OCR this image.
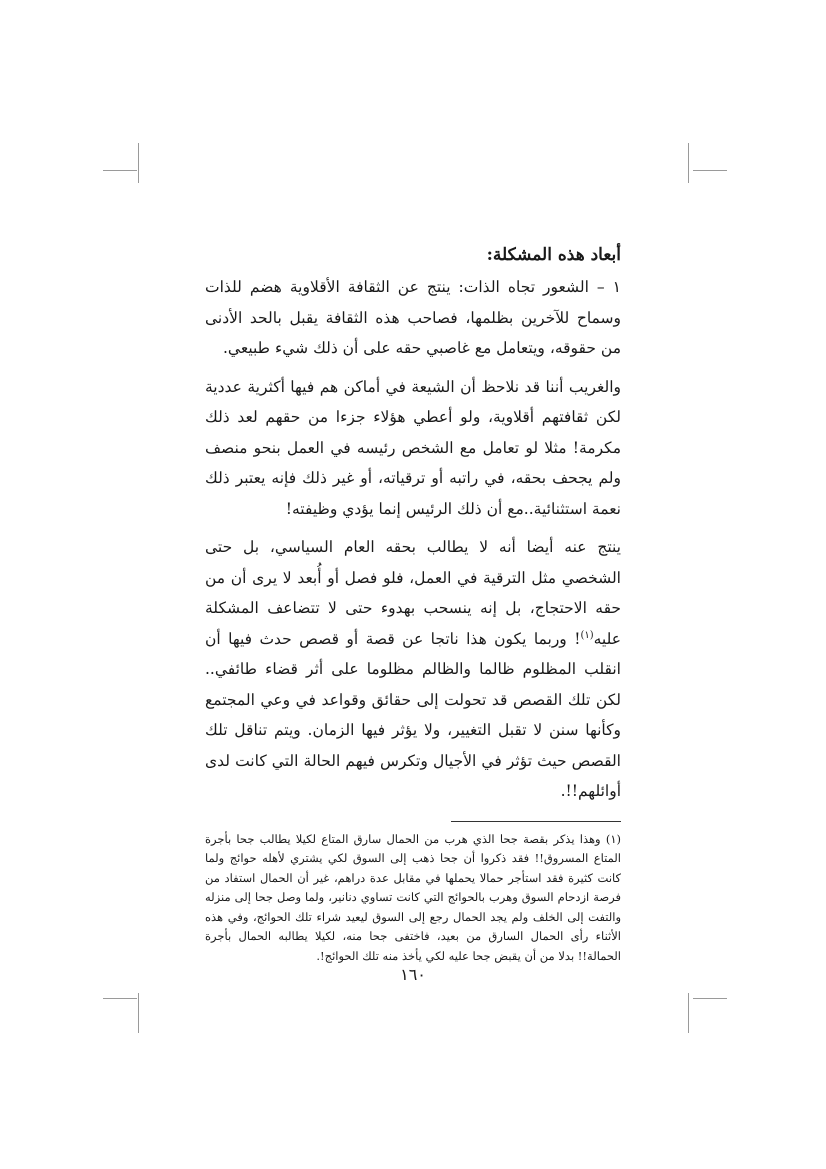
أبعاد هذه المشكلة:

١ – الشعور تجاه الذات: ينتج عن الثقافة الأقلاوية هضم للذات وسماح للآخرين بظلمها، فصاحب هذه الثقافة يقبل بالحد الأدنى من حقوقه، ويتعامل مع غاصبي حقه على أن ذلك شيء طبيعي.

والغريب أننا قد نلاحظ أن الشيعة في أماكن هم فيها أكثرية عددية لكن ثقافتهم أقلاوية، ولو أعطي هؤلاء جزءا من حقهم لعد ذلك مكرمة! مثلا لو تعامل مع الشخص رئيسه في العمل بنحو منصف ولم يجحف بحقه، في راتبه أو ترقياته، أو غير ذلك فإنه يعتبر ذلك نعمة استثنائية..مع أن ذلك الرئيس إنما يؤدي وظيفته!

ينتج عنه أيضا أنه لا يطالب بحقه العام السياسي، بل حتى الشخصي مثل الترقية في العمل، فلو فصل أو أُبعد لا يرى أن من حقه الاحتجاج، بل إنه ينسحب بهدوء حتى لا تتضاعف المشكلة عليه$^{(١)}$! وربما يكون هذا ناتجا عن قصة أو قصص حدث فيها أن انقلب المظلوم ظالما والظالم مظلوما على أثر قضاء طائفي.. لكن تلك القصص قد تحولت إلى حقائق وقواعد في وعي المجتمع وكأنها سنن لا تقبل التغيير، ولا يؤثر فيها الزمان. ويتم تناقل تلك القصص حيث تؤثر في الأجيال وتكرس فيهم الحالة التي كانت لدى أوائلهم!!.

(١) وهذا يذكر بقصة جحا الذي هرب من الحمال سارق المتاع لكيلا يطالب جحا بأجرة المتاع المسروق!! فقد ذكروا أن جحا ذهب إلى السوق لكي يشتري لأهله حوائج ولما كانت كثيرة فقد استأجر حمالا يحملها في مقابل عدة دراهم، غير أن الحمال استفاد من فرصة ازدحام السوق وهرب بالحوائج التي كانت تساوي دنانير، ولما وصل جحا إلى منزله والتفت إلى الخلف ولم يجد الحمال رجع إلى السوق ليعيد شراء تلك الحوائج، وفي هذه الأثناء رأى الحمال السارق من بعيد، فاختفى جحا منه، لكيلا يطالبه الحمال بأجرة الحمالة!! بدلا من أن يقبض جحا عليه لكي يأخذ منه تلك الحوائج!.

١٦٠
